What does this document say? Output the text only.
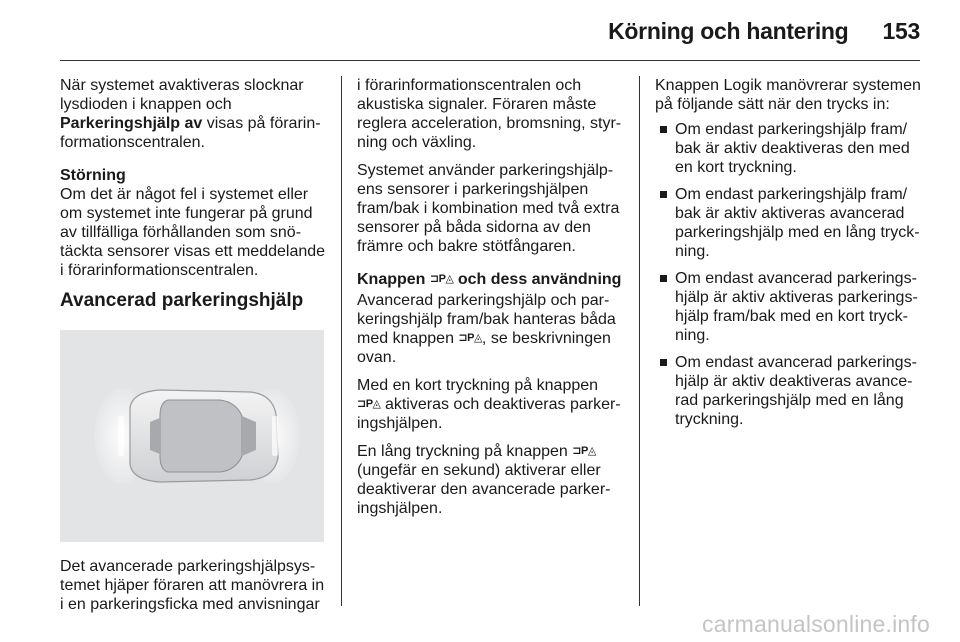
Körning och hantering 153

När systemet avaktiveras slocknar lysdioden i knappen och Parkeringshjälp av visas på förarin-formationscentralen.

Störning
Om det är något fel i systemet eller om systemet inte fungerar på grund av tillfälliga förhållanden som snö-täckta sensorer visas ett meddelande i förarinformationscentralen.

Avancerad parkeringshjälp

Det avancerade parkeringshjälpsys-temet hjäper föraren att manövrera in i en parkeringsficka med anvisningar

i förarinformationscentralen och akustiska signaler. Föraren måste reglera acceleration, bromsning, styr-ning och växling.

Systemet använder parkeringshjälp-ens sensorer i parkeringshjälpen fram/bak i kombination med två extra sensorer på båda sidorna av den främre och bakre stötfångaren.

Knappen ⊐P◬ och dess användning

Avancerad parkeringshjälp och par-keringshjälp fram/bak hanteras båda med knappen ⊐P◬, se beskrivningen ovan.

Med en kort tryckning på knappen ⊐P◬ aktiveras och deaktiveras parker-ingshjälpen.

En lång tryckning på knappen ⊐P◬ (ungefär en sekund) aktiverar eller deaktiverar den avancerade parker-ingshjälpen.

Knappen Logik manövrerar systemen på följande sätt när den trycks in:

Om endast parkeringshjälp fram/ bak är aktiv deaktiveras den med en kort tryckning.
Om endast parkeringshjälp fram/ bak är aktiv aktiveras avancerad parkeringshjälp med en lång tryck-ning.
Om endast avancerad parkerings-hjälp är aktiv aktiveras parkerings-hjälp fram/bak med en kort tryck-ning.
Om endast avancerad parkerings-hjälp är aktiv deaktiveras avance-rad parkeringshjälp med en lång tryckning.
carmanualsonline.info
